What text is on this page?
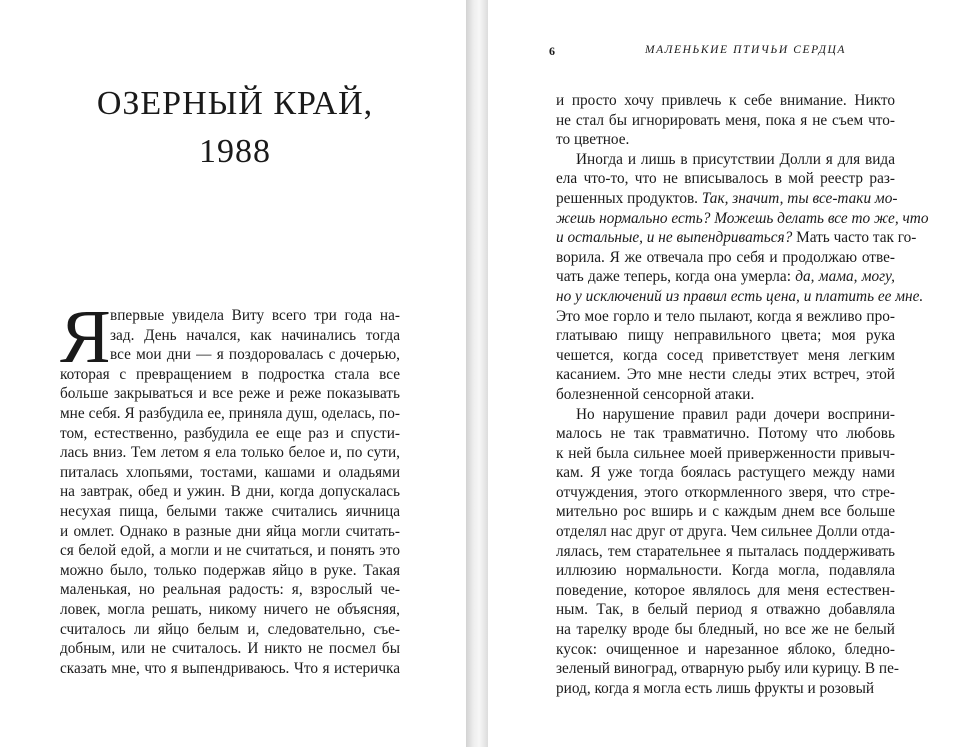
ОЗЕРНЫЙ КРАЙ,
1988
Я впервые увидела Виту всего три года на-
зад. День начался, как начинались тогда
все мои дни — я поздоровалась с дочерью,
которая с превращением в подростка стала все
больше закрываться и все реже и реже показывать
мне себя. Я разбудила ее, приняла душ, оделась, по-
том, естественно, разбудила ее еще раз и спусти-
лась вниз. Тем летом я ела только белое и, по сути,
питалась хлопьями, тостами, кашами и оладьями
на завтрак, обед и ужин. В дни, когда допускалась
несухая пища, белыми также считались яичница
и омлет. Однако в разные дни яйца могли считать-
ся белой едой, а могли и не считаться, и понять это
можно было, только подержав яйцо в руке. Такая
маленькая, но реальная радость: я, взрослый че-
ловек, могла решать, никому ничего не объясняя,
считалось ли яйцо белым и, следовательно, съе-
добным, или не считалось. И никто не посмел бы
сказать мне, что я выпендриваюсь. Что я истеричка

6	МАЛЕНЬКИЕ ПТИЧЬИ СЕРДЦА

и просто хочу привлечь к себе внимание. Никто
не стал бы игнорировать меня, пока я не съем что-
то цветное.

Иногда и лишь в присутствии Долли я для вида
ела что-то, что не вписывалось в мой реестр раз-
решенных продуктов. Так, значит, ты все-таки мо-
жешь нормально есть? Можешь делать все то же, что
и остальные, и не выпендриваться? Мать часто так го-
ворила. Я же отвечала про себя и продолжаю отве-
чать даже теперь, когда она умерла: да, мама, могу,
но у исключений из правил есть цена, и платить ее мне.
Это мое горло и тело пылают, когда я вежливо про-
глатываю пищу неправильного цвета; моя рука
чешется, когда сосед приветствует меня легким
касанием. Это мне нести следы этих встреч, этой
болезненной сенсорной атаки.

Но нарушение правил ради дочери восприни-
малось не так травматично. Потому что любовь
к ней была сильнее моей приверженности привыч-
кам. Я уже тогда боялась растущего между нами
отчуждения, этого откормленного зверя, что стре-
мительно рос вширь и с каждым днем все больше
отделял нас друг от друга. Чем сильнее Долли отда-
лялась, тем старательнее я пыталась поддерживать
иллюзию нормальности. Когда могла, подавляла
поведение, которое являлось для меня естествен-
ным. Так, в белый период я отважно добавляла
на тарелку вроде бы бледный, но все же не белый
кусок: очищенное и нарезанное яблоко, бледно-
зеленый виноград, отварную рыбу или курицу. В пе-
риод, когда я могла есть лишь фрукты и розовый
